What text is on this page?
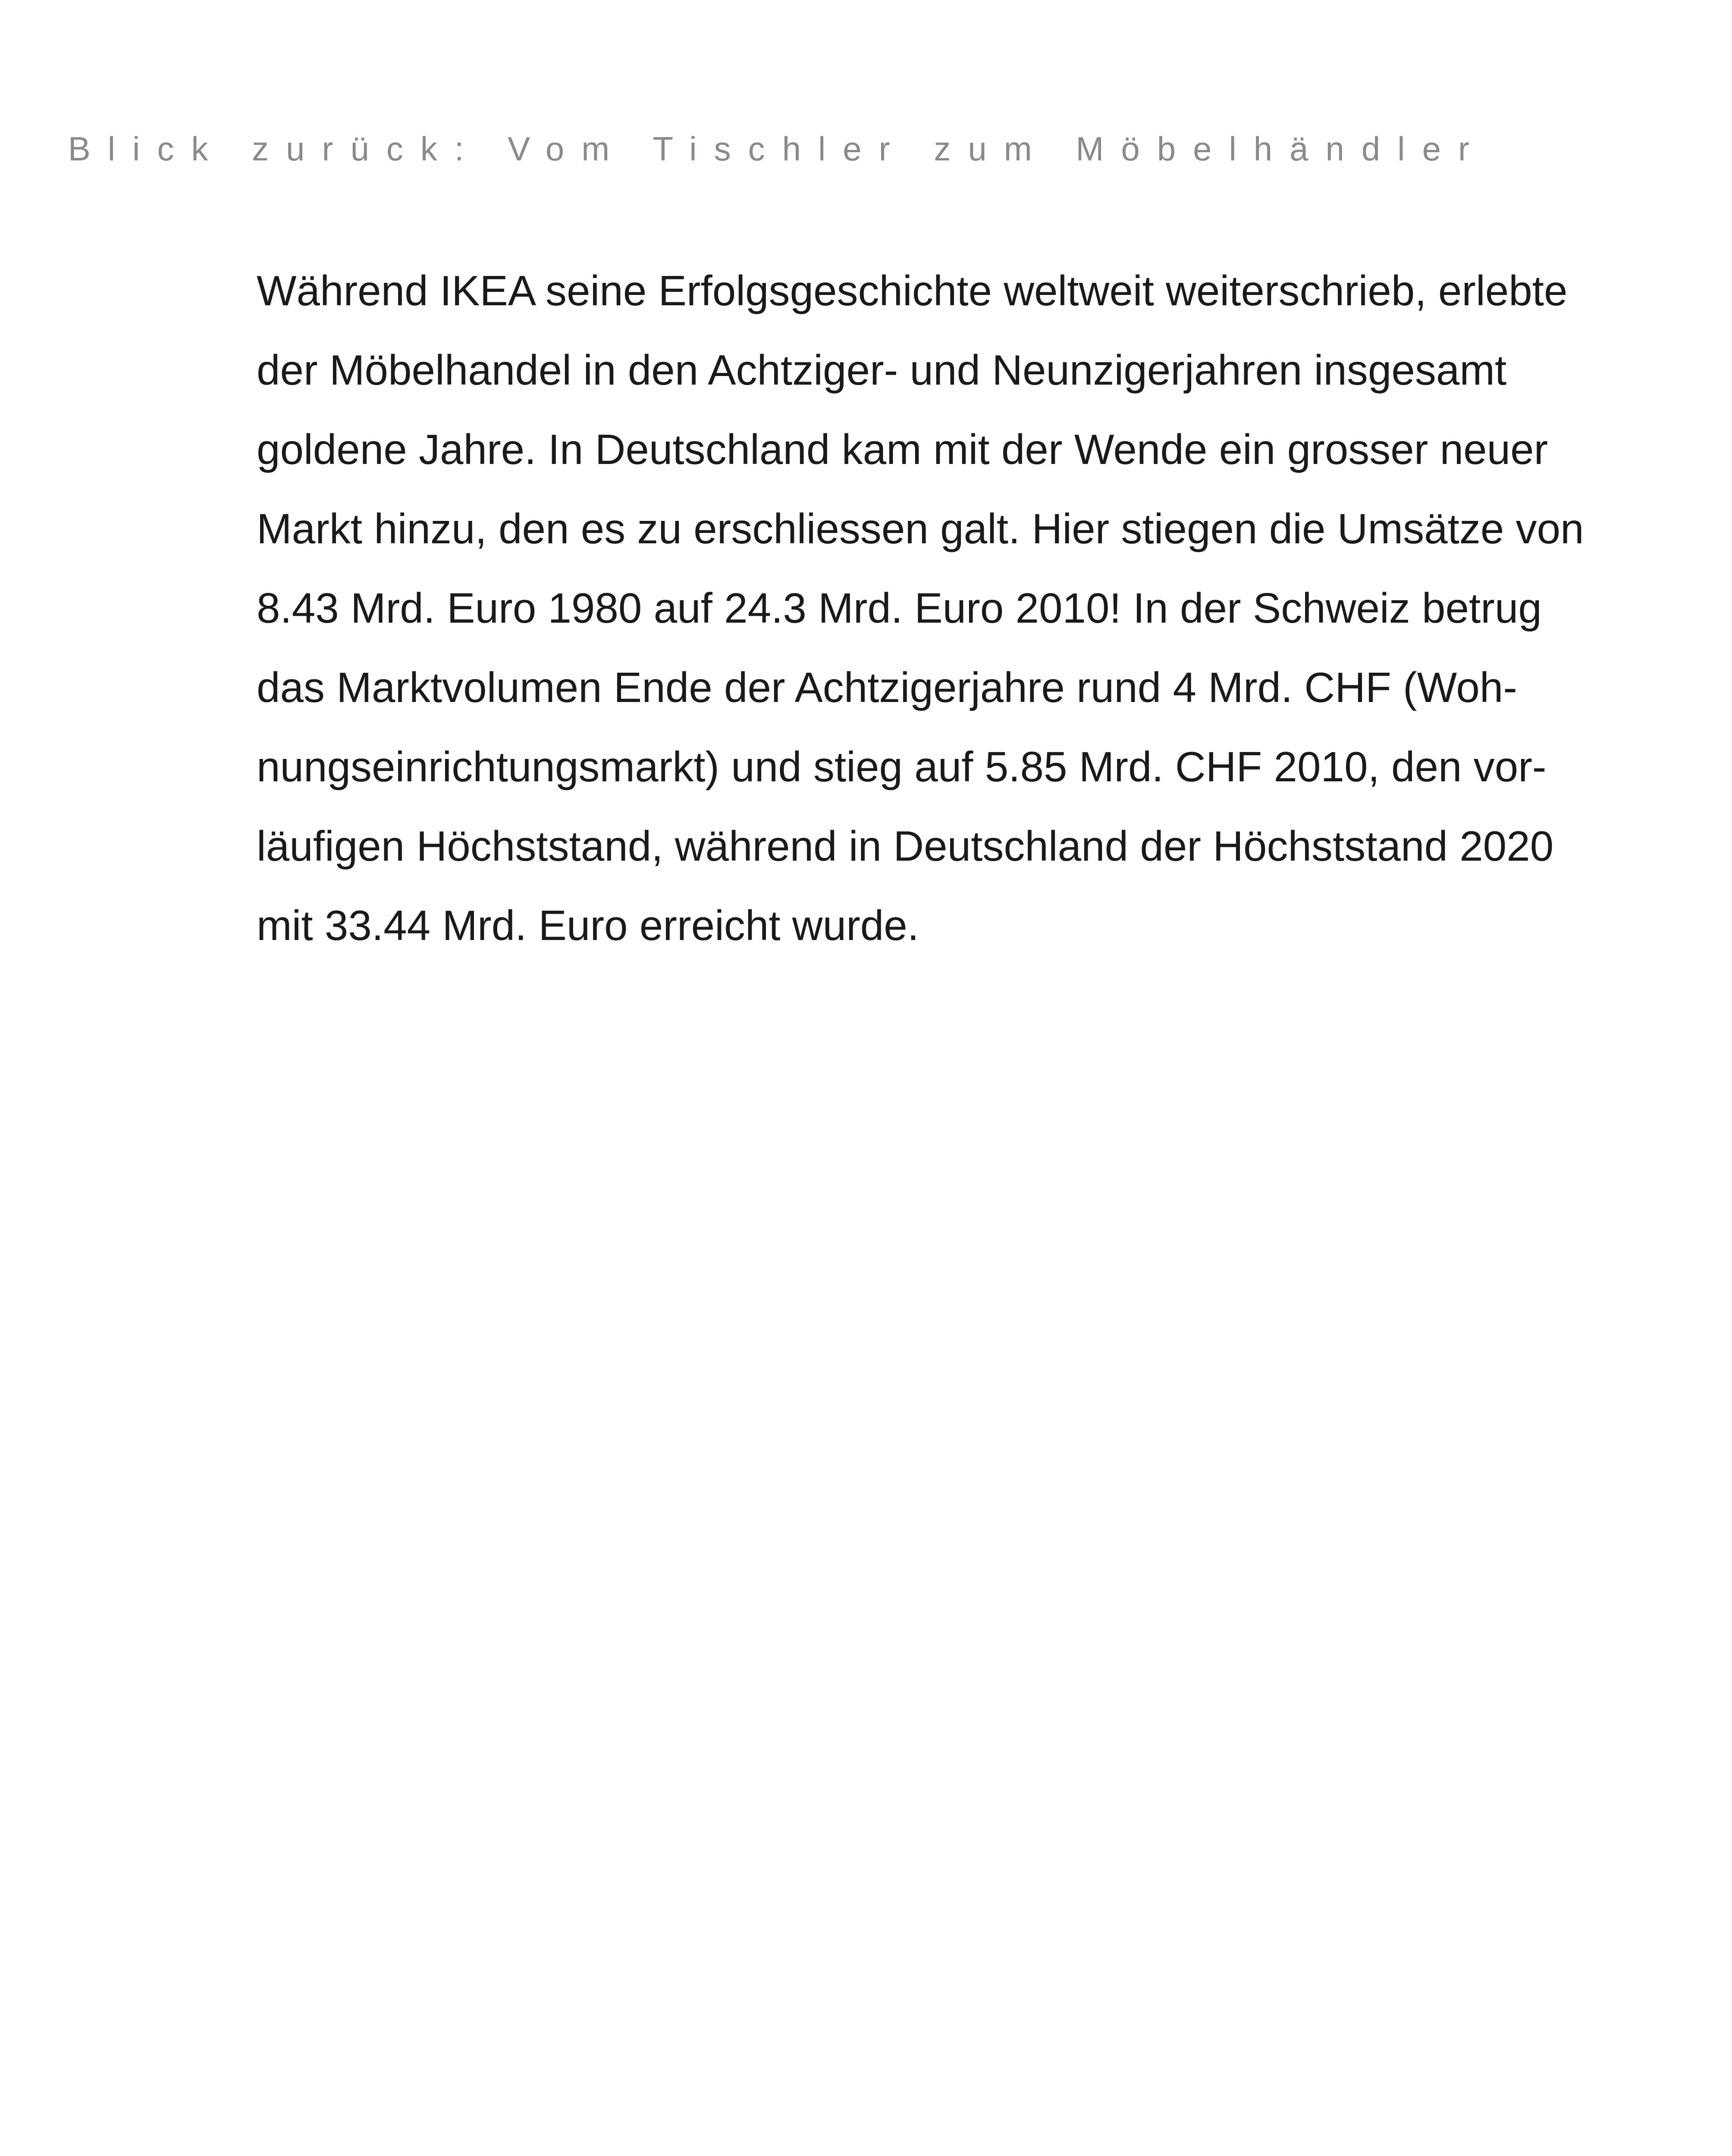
Blick zurück: Vom Tischler zum Möbelhändler
Während IKEA seine Erfolgsgeschichte weltweit weiterschrieb, erlebte
der Möbelhandel in den Achtziger- und Neunzigerjahren insgesamt
goldene Jahre. In Deutschland kam mit der Wende ein grosser neuer
Markt hinzu, den es zu erschliessen galt. Hier stiegen die Umsätze von
8.43 Mrd. Euro 1980 auf 24.3 Mrd. Euro 2010! In der Schweiz betrug
das Marktvolumen Ende der Achtzigerjahre rund 4 Mrd. CHF (Woh-
nungseinrichtungsmarkt) und stieg auf 5.85 Mrd. CHF 2010, den vor-
läufigen Höchststand, während in Deutschland der Höchststand 2020
mit 33.44 Mrd. Euro erreicht wurde.
